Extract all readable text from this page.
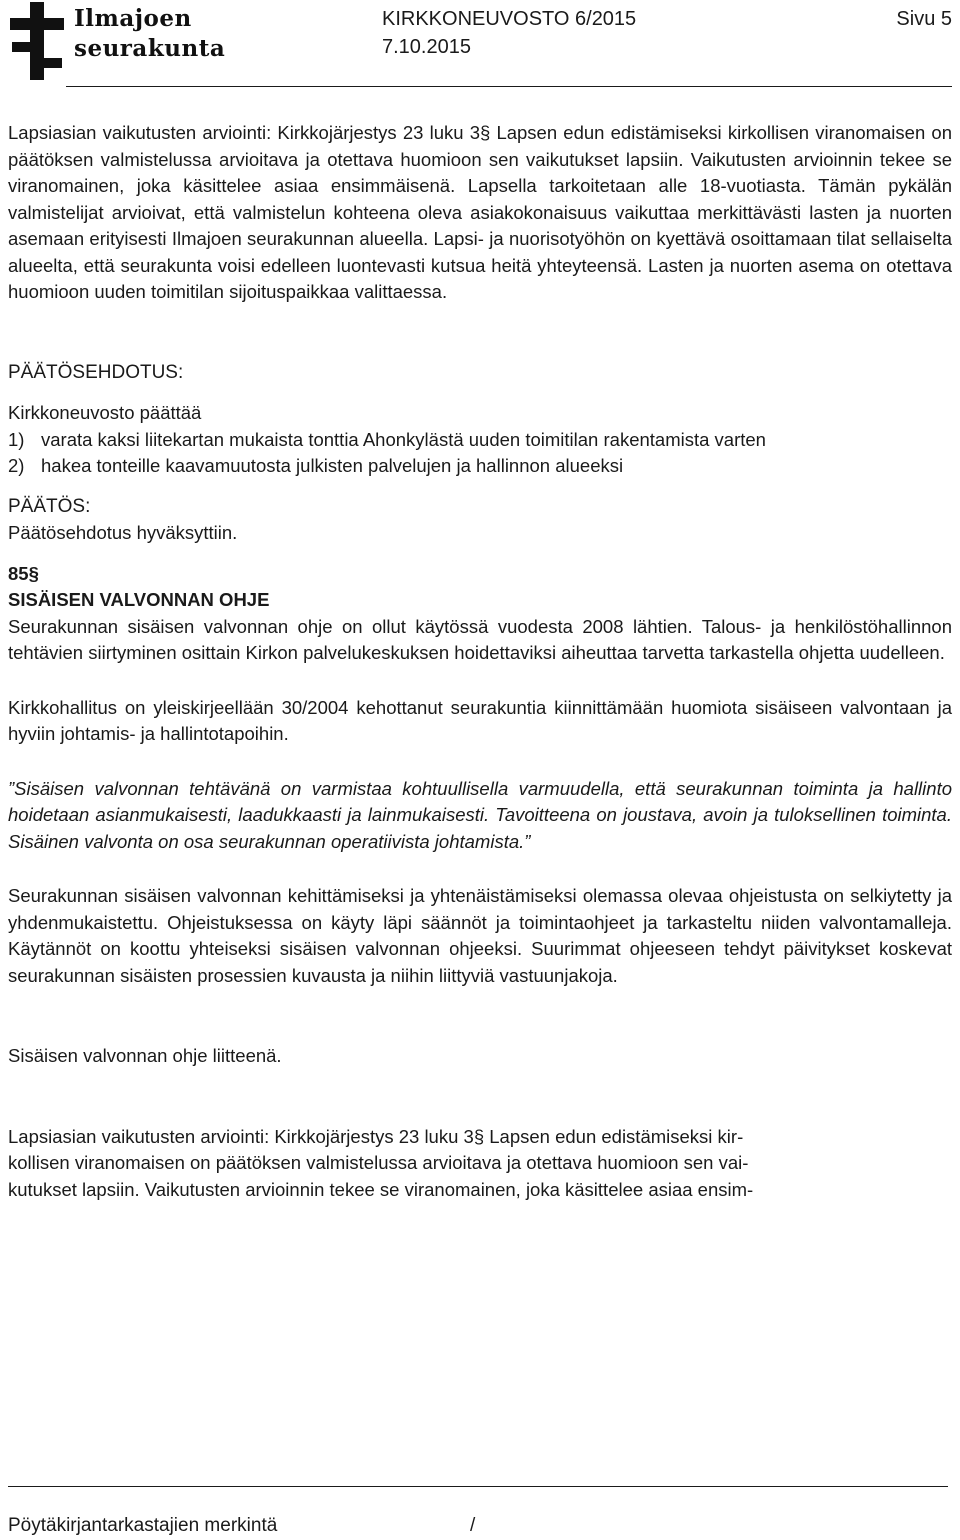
Ilmajoen
seurakunta
KIRKKONEUVOSTO 6/2015
7.10.2015
Sivu 5

Lapsiasian vaikutusten arviointi: Kirkkojärjestys 23 luku 3§ Lapsen edun edistämiseksi kirkollisen viranomaisen on päätöksen valmistelussa arvioitava ja otettava huomioon sen vaikutukset lapsiin. Vaikutusten arvioinnin tekee se viranomainen, joka käsittelee asiaa ensimmäisenä. Lapsella tarkoitetaan alle 18-vuotiasta. Tämän pykälän valmistelijat arvioivat, että valmistelun kohteena oleva asiakokonaisuus vaikuttaa merkittävästi lasten ja nuorten asemaan erityisesti Ilmajoen seurakunnan alueella. Lapsi- ja nuorisotyöhön on kyettävä osoittamaan tilat sellaiselta alueelta, että seurakunta voisi edelleen luontevasti kutsua heitä yhteyteensä. Lasten ja nuorten asema on otettava huomioon uuden toimitilan sijoituspaikkaa valittaessa.

PÄÄTÖSEHDOTUS:

Kirkkoneuvosto päättää

1) varata kaksi liitekartan mukaista tonttia Ahonkylästä uuden toimitilan rakentamista varten
2) hakea tonteille kaavamuutosta julkisten palvelujen ja hallinnon alueeksi

PÄÄTÖS:

Päätösehdotus hyväksyttiin.

85§

SISÄISEN VALVONNAN OHJE

Seurakunnan sisäisen valvonnan ohje on ollut käytössä vuodesta 2008 lähtien. Talous- ja henkilöstöhallinnon tehtävien siirtyminen osittain Kirkon palvelukeskuksen hoidettaviksi aiheuttaa tarvetta tarkastella ohjetta uudelleen.

Kirkkohallitus on yleiskirjeellään 30/2004 kehottanut seurakuntia kiinnittämään huomiota sisäiseen valvontaan ja hyviin johtamis- ja hallintotapoihin.

”Sisäisen valvonnan tehtävänä on varmistaa kohtuullisella varmuudella, että seurakunnan toiminta ja hallinto hoidetaan asianmukaisesti, laadukkaasti ja lainmukaisesti. Tavoitteena on joustava, avoin ja tuloksellinen toiminta. Sisäinen valvonta on osa seurakunnan operatiivista johtamista.”

Seurakunnan sisäisen valvonnan kehittämiseksi ja yhtenäistämiseksi olemassa olevaa ohjeistusta on selkiytetty ja yhdenmukaistettu. Ohjeistuksessa on käyty läpi säännöt ja toimintaohjeet ja tarkasteltu niiden valvontamalleja. Käytännöt on koottu yhteiseksi sisäisen valvonnan ohjeeksi. Suurimmat ohjeeseen tehdyt päivitykset koskevat seurakunnan sisäisten prosessien kuvausta ja niihin liittyviä vastuunjakoja.

Sisäisen valvonnan ohje liitteenä.

Lapsiasian vaikutusten arviointi: Kirkkojärjestys 23 luku 3§ Lapsen edun edistämiseksi kir-

kollisen viranomaisen on päätöksen valmistelussa arvioitava ja otettava huomioon sen vai-

kutukset lapsiin. Vaikutusten arvioinnin tekee se viranomainen, joka käsittelee asiaa ensim-

Pöytäkirjantarkastajien merkintä	/
